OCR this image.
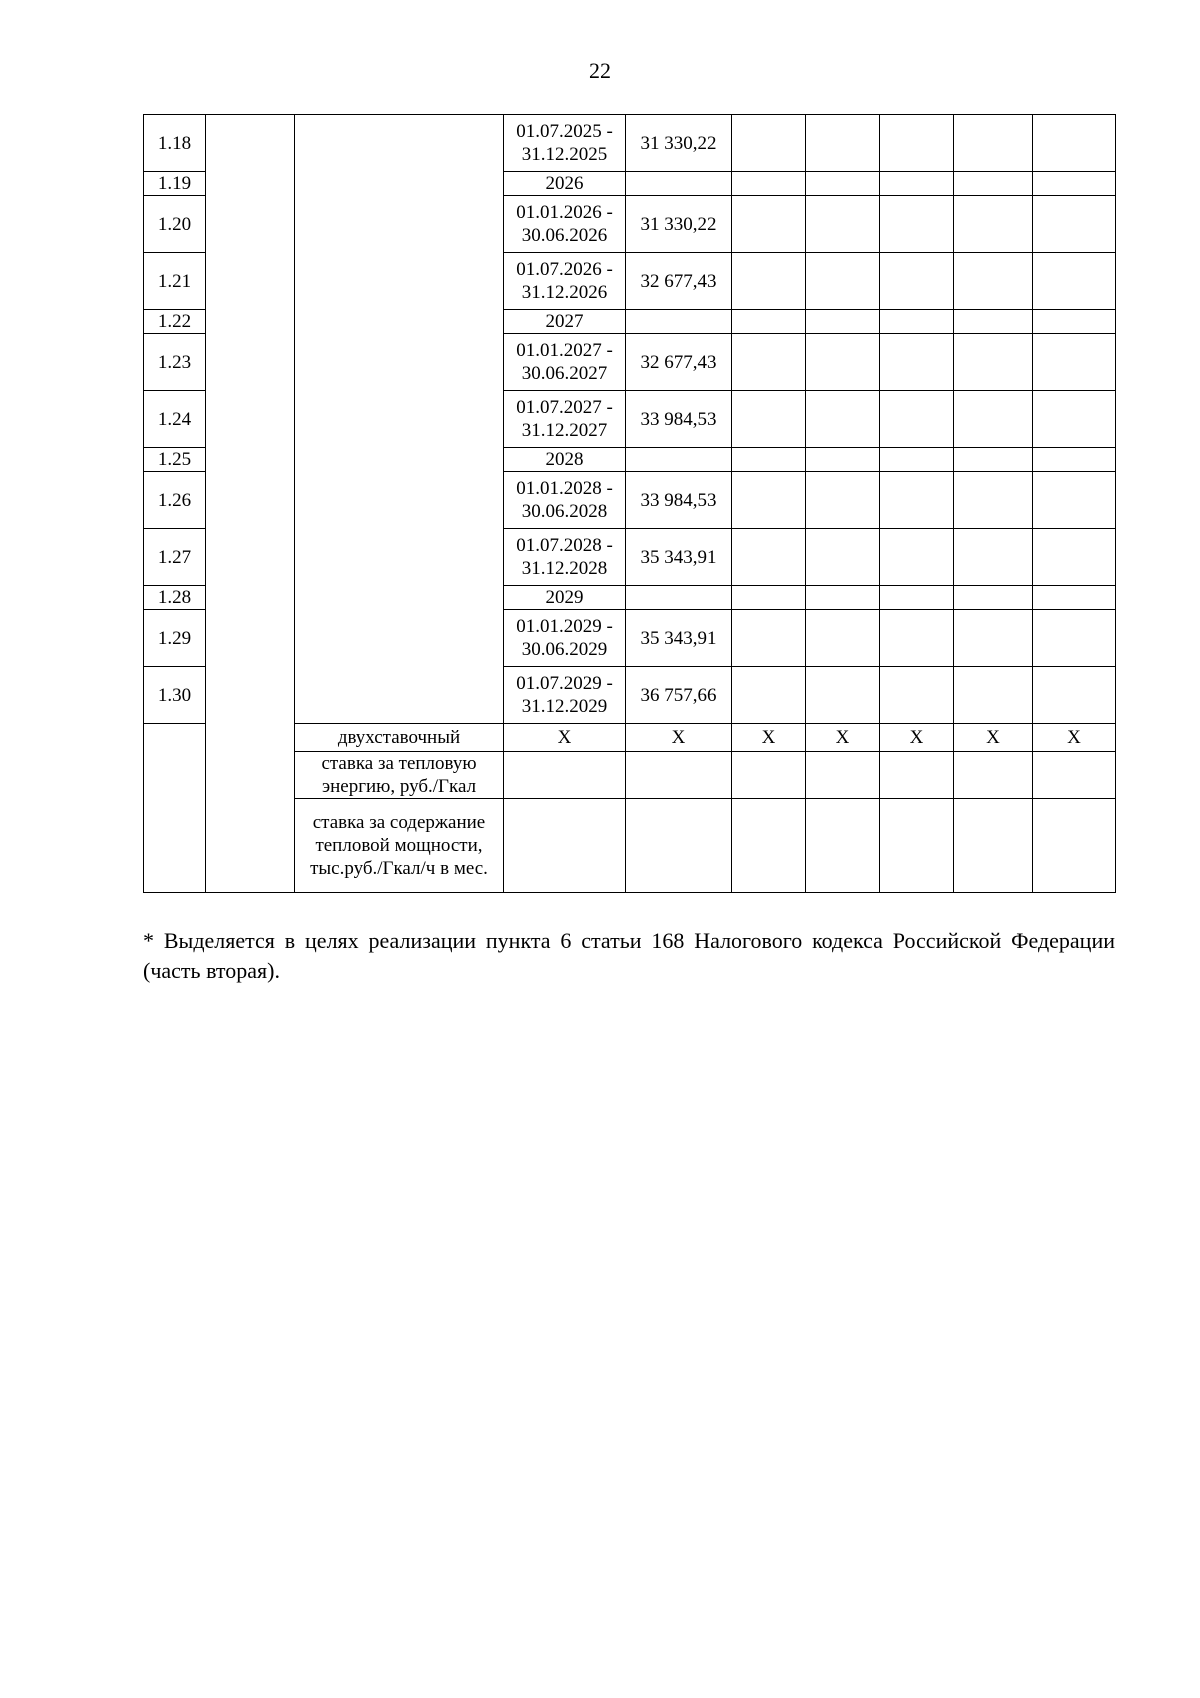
22
1.18			01.07.2025 - 31.12.2025	31 330,22					
1.19			2026						
1.20			01.01.2026 - 30.06.2026	31 330,22					
1.21			01.07.2026 - 31.12.2026	32 677,43					
1.22			2027						
1.23			01.01.2027 - 30.06.2027	32 677,43					
1.24			01.07.2027 - 31.12.2027	33 984,53					
1.25			2028						
1.26			01.01.2028 - 30.06.2028	33 984,53					
1.27			01.07.2028 - 31.12.2028	35 343,91					
1.28			2029						
1.29			01.01.2029 - 30.06.2029	35 343,91					
1.30			01.07.2029 - 31.12.2029	36 757,66					
		двухставочный	Х	Х	Х	Х	Х	Х	Х
		ставка за тепловую энергию, руб./Гкал							
		ставка за содержание тепловой мощности, тыс.руб./Гкал/ч в мес.							
* Выделяется в целях реализации пункта 6 статьи 168 Налогового кодекса Российской Федерации (часть вторая).
